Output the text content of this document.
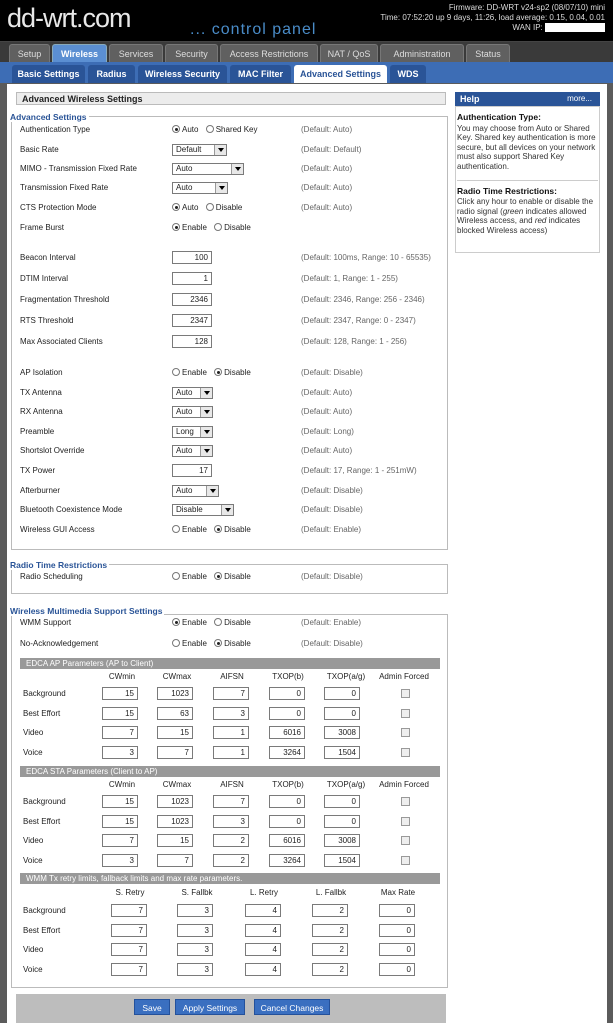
dd-wrt.com	... control panel
Firmware: DD-WRT v24-sp2 (08/07/10) mini
Time: 07:52:20 up 9 days, 11:26, load average: 0.15, 0.04, 0.01
WAN IP:
Setup	Wireless	Services	Security	Access Restrictions	NAT / QoS	Administration	Status
Basic Settings	Radius	Wireless Security	MAC Filter	Advanced Settings	WDS
Advanced Wireless Settings	Help	more...
Authentication Type:
You may choose from Auto or Shared Key. Shared key authentication is more secure, but all devices on your network must also support Shared Key authentication.
Radio Time Restrictions:
Click any hour to enable or disable the radio signal (green indicates allowed Wireless access, and red indicates blocked Wireless access)
Advanced Settings
Authentication Type	Auto Shared Key	(Default: Auto)
Basic Rate	Default	(Default: Default)
MIMO - Transmission Fixed Rate	Auto	(Default: Auto)
Transmission Fixed Rate	Auto	(Default: Auto)
CTS Protection Mode	Auto Disable	(Default: Auto)
Frame Burst	Enable Disable
Beacon Interval	100	(Default: 100ms, Range: 10 - 65535)
DTIM Interval	1	(Default: 1, Range: 1 - 255)
Fragmentation Threshold	2346	(Default: 2346, Range: 256 - 2346)
RTS Threshold	2347	(Default: 2347, Range: 0 - 2347)
Max Associated Clients	128	(Default: 128, Range: 1 - 256)
AP Isolation	Enable Disable	(Default: Disable)
TX Antenna	Auto	(Default: Auto)
RX Antenna	Auto	(Default: Auto)
Preamble	Long	(Default: Long)
Shortslot Override	Auto	(Default: Auto)
TX Power	17	(Default: 17, Range: 1 - 251mW)
Afterburner	Auto	(Default: Disable)
Bluetooth Coexistence Mode	Disable	(Default: Disable)
Wireless GUI Access	Enable Disable	(Default: Enable)
Radio Time Restrictions
Radio Scheduling	Enable Disable	(Default: Disable)
Wireless Multimedia Support Settings
WMM Support	Enable Disable	(Default: Enable)
No-Acknowledgement	Enable Disable	(Default: Disable)
EDCA AP Parameters (AP to Client)
CWmin	CWmax	AIFSN	TXOP(b)	TXOP(a/g)	Admin Forced
Background	15	1023	7	0	0
Best Effort	15	63	3	0	0
Video	7	15	1	6016	3008
Voice	3	7	1	3264	1504
EDCA STA Parameters (Client to AP)
CWmin	CWmax	AIFSN	TXOP(b)	TXOP(a/g)	Admin Forced
Background	15	1023	7	0	0
Best Effort	15	1023	3	0	0
Video	7	15	2	6016	3008
Voice	3	7	2	3264	1504
WMM Tx retry limits, fallback limits and max rate parameters.
S. Retry	S. Fallbk	L. Retry	L. Fallbk	Max Rate
Background	7	3	4	2	0
Best Effort	7	3	4	2	0
Video	7	3	4	2	0
Voice	7	3	4	2	0
Save	Apply Settings	Cancel Changes
